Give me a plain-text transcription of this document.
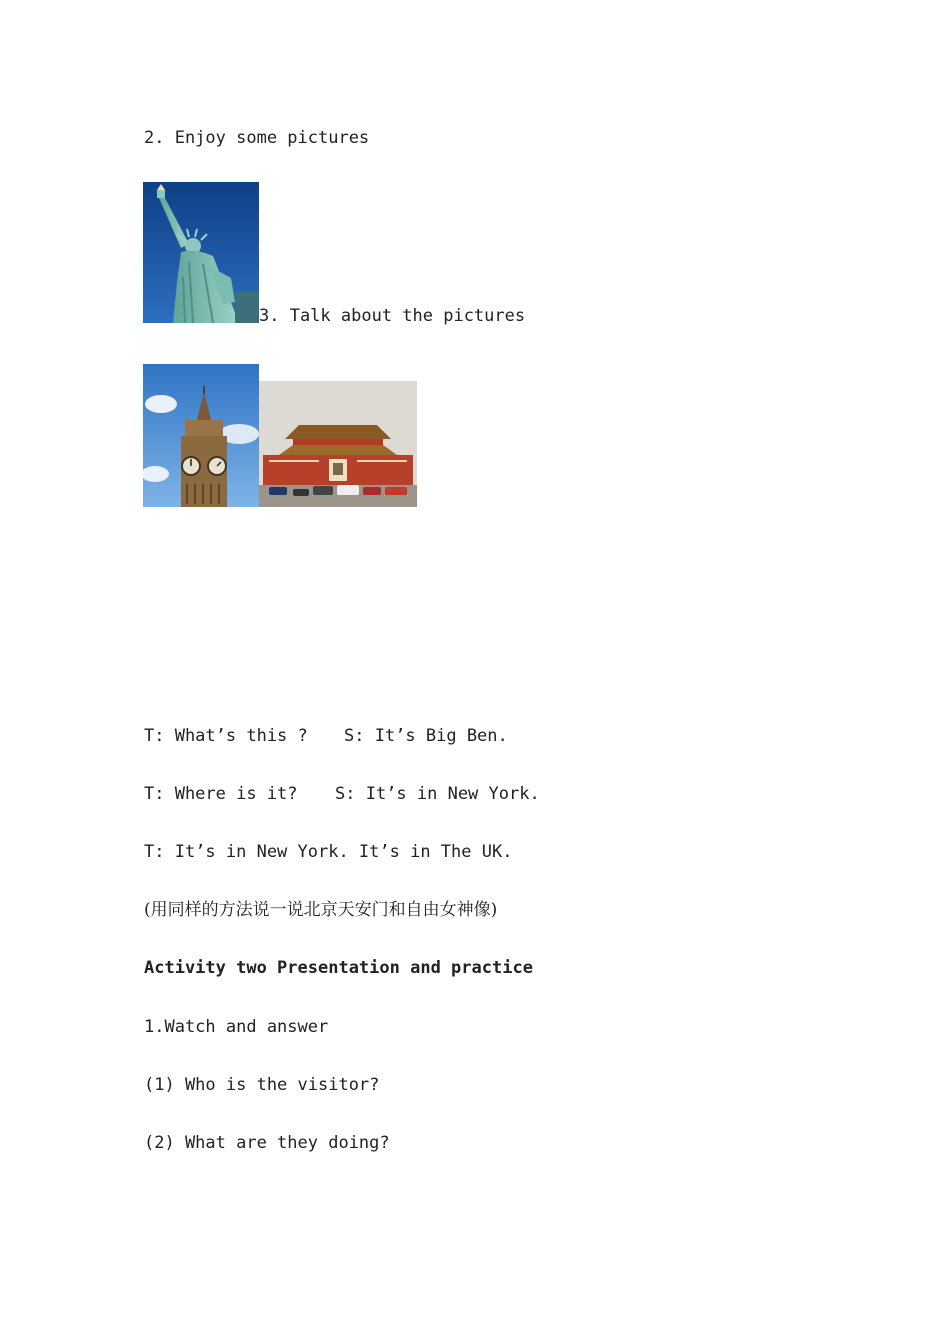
2. Enjoy some pictures
3. Talk about the pictures
T: What’s this ? S: It’s Big Ben.
T: Where is it? S: It’s in New York.
T: It’s in New York. It’s in The UK.
(用同样的方法说一说北京天安门和自由女神像)
Activity two Presentation and practice
1.Watch and answer
(1) Who is the visitor?
(2) What are they doing?
